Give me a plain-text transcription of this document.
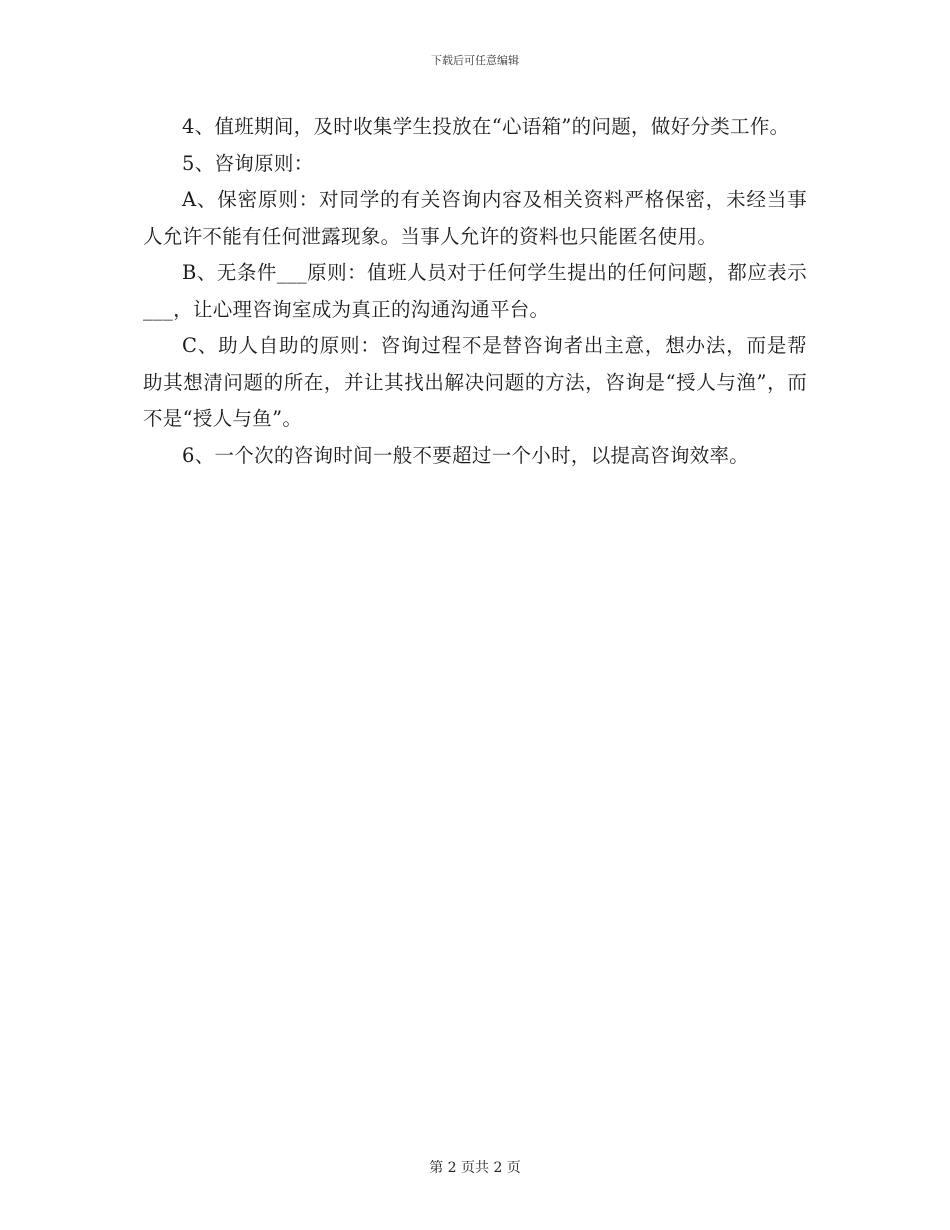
下载后可任意编辑

4、值班期间，及时收集学生投放在“心语箱”的问题，做好分类工作。

5、咨询原则：

A、保密原则：对同学的有关咨询内容及相关资料严格保密，未经当事人允许不能有任何泄露现象。当事人允许的资料也只能匿名使用。

B、无条件___原则：值班人员对于任何学生提出的任何问题，都应表示___，让心理咨询室成为真正的沟通沟通平台。

C、助人自助的原则：咨询过程不是替咨询者出主意，想办法，而是帮助其想清问题的所在，并让其找出解决问题的方法，咨询是“授人与渔”，而不是“授人与鱼”。

6、一个次的咨询时间一般不要超过一个小时，以提高咨询效率。

第 2 页共 2 页
